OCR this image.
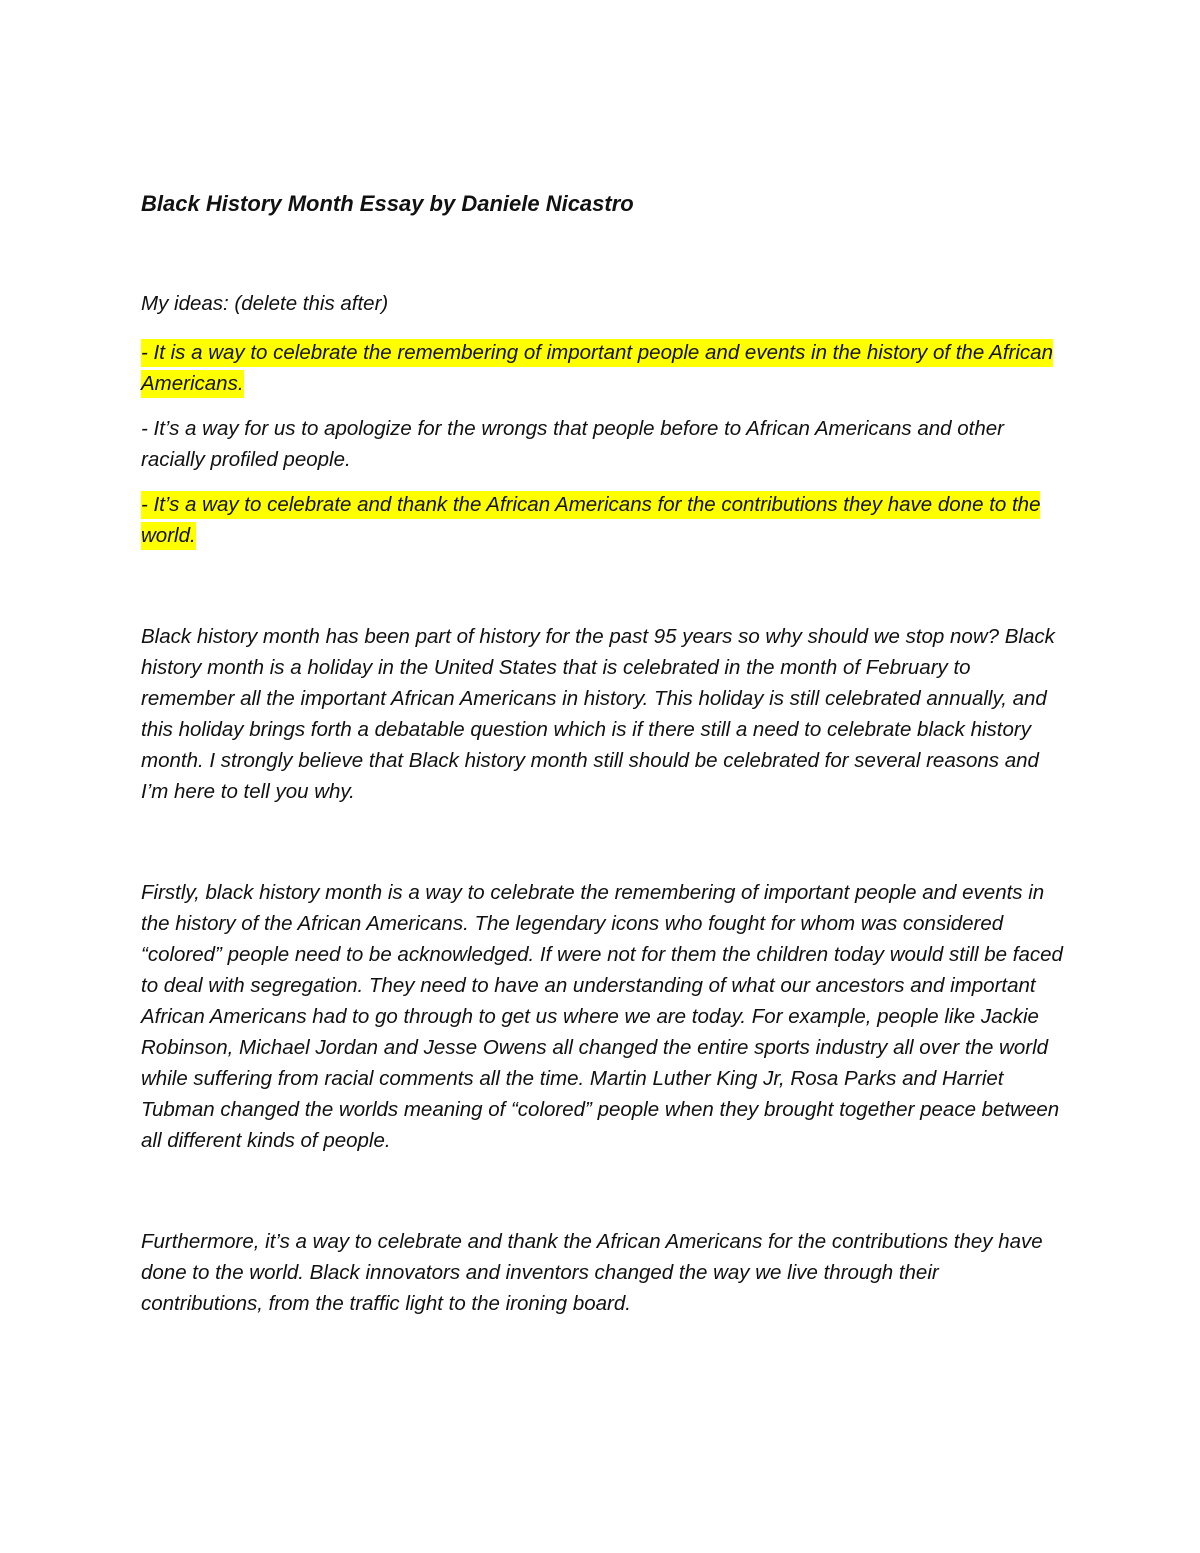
Black History Month Essay by Daniele Nicastro

My ideas: (delete this after)

- It is a way to celebrate the remembering of important people and events in the history of the African Americans.

- It’s a way for us to apologize for the wrongs that people before to African Americans and other racially profiled people.

- It’s a way to celebrate and thank the African Americans for the contributions they have done to the world.

Black history month has been part of history for the past 95 years so why should we stop now? Black history month is a holiday in the United States that is celebrated in the month of February to remember all the important African Americans in history. This holiday is still celebrated annually, and this holiday brings forth a debatable question which is if there still a need to celebrate black history month. I strongly believe that Black history month still should be celebrated for several reasons and I’m here to tell you why.

Firstly, black history month is a way to celebrate the remembering of important people and events in the history of the African Americans. The legendary icons who fought for whom was considered “colored” people need to be acknowledged. If were not for them the children today would still be faced to deal with segregation. They need to have an understanding of what our ancestors and important African Americans had to go through to get us where we are today. For example, people like Jackie Robinson, Michael Jordan and Jesse Owens all changed the entire sports industry all over the world while suffering from racial comments all the time. Martin Luther King Jr, Rosa Parks and Harriet Tubman changed the worlds meaning of “colored” people when they brought together peace between all different kinds of people.

Furthermore, it’s a way to celebrate and thank the African Americans for the contributions they have done to the world. Black innovators and inventors changed the way we live through their contributions, from the traffic light to the ironing board.
